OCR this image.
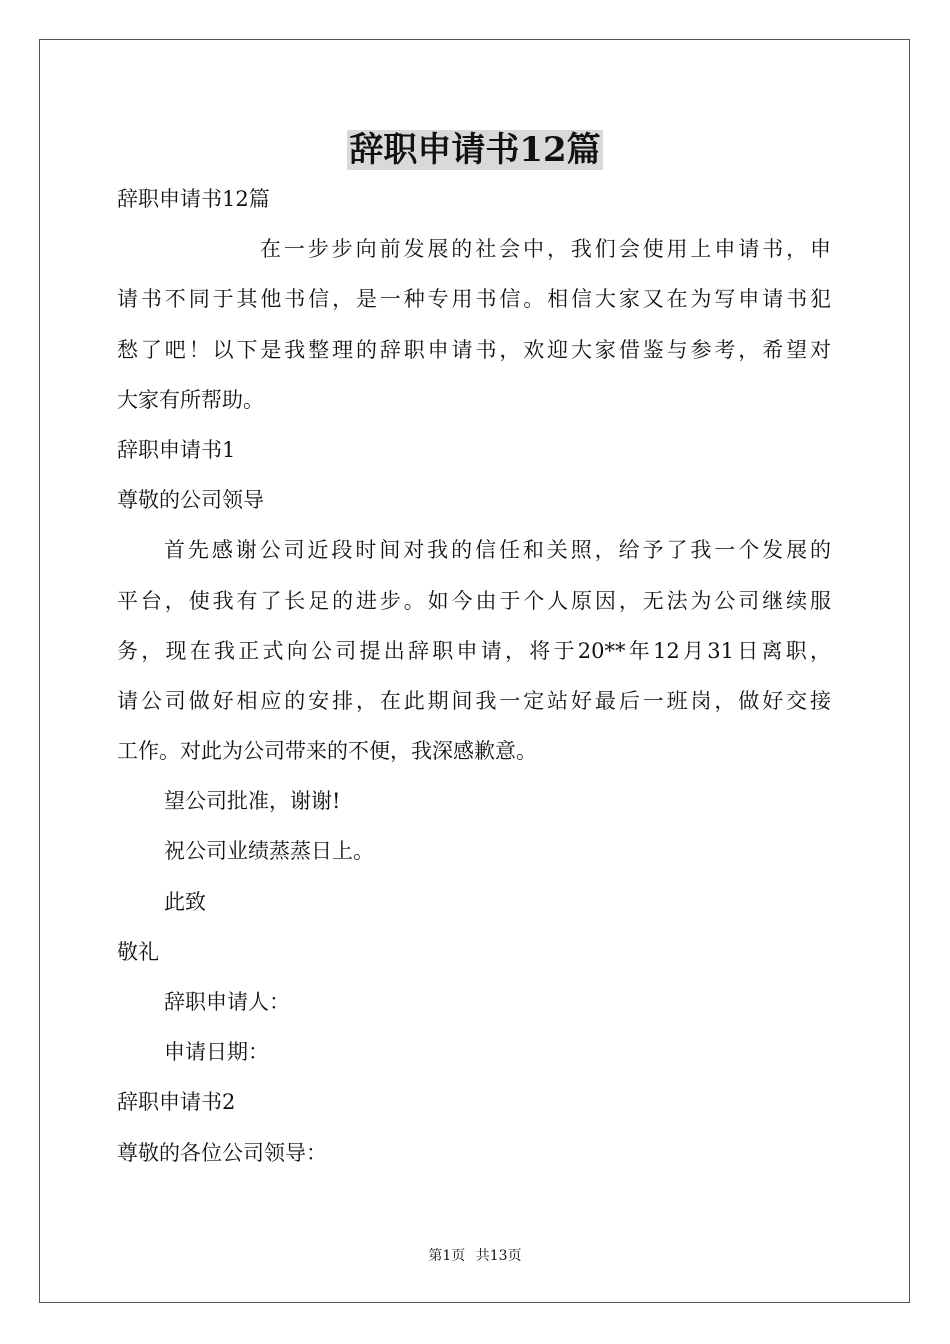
辞职申请书12篇

辞职申请书12篇

在一步步向前发展的社会中，我们会使用上申请书，申

请书不同于其他书信，是一种专用书信。相信大家又在为写申请书犯

愁了吧！以下是我整理的辞职申请书，欢迎大家借鉴与参考，希望对

大家有所帮助。

辞职申请书1

尊敬的公司领导

首先感谢公司近段时间对我的信任和关照，给予了我一个发展的

平台，使我有了长足的进步。如今由于个人原因，无法为公司继续服

务，现在我正式向公司提出辞职申请，将于20**年12月31日离职，

请公司做好相应的安排，在此期间我一定站好最后一班岗，做好交接

工作。对此为公司带来的不便，我深感歉意。

望公司批准，谢谢!

祝公司业绩蒸蒸日上。

此致

敬礼

辞职申请人：

申请日期：

辞职申请书2

尊敬的各位公司领导：

第1页 共13页
